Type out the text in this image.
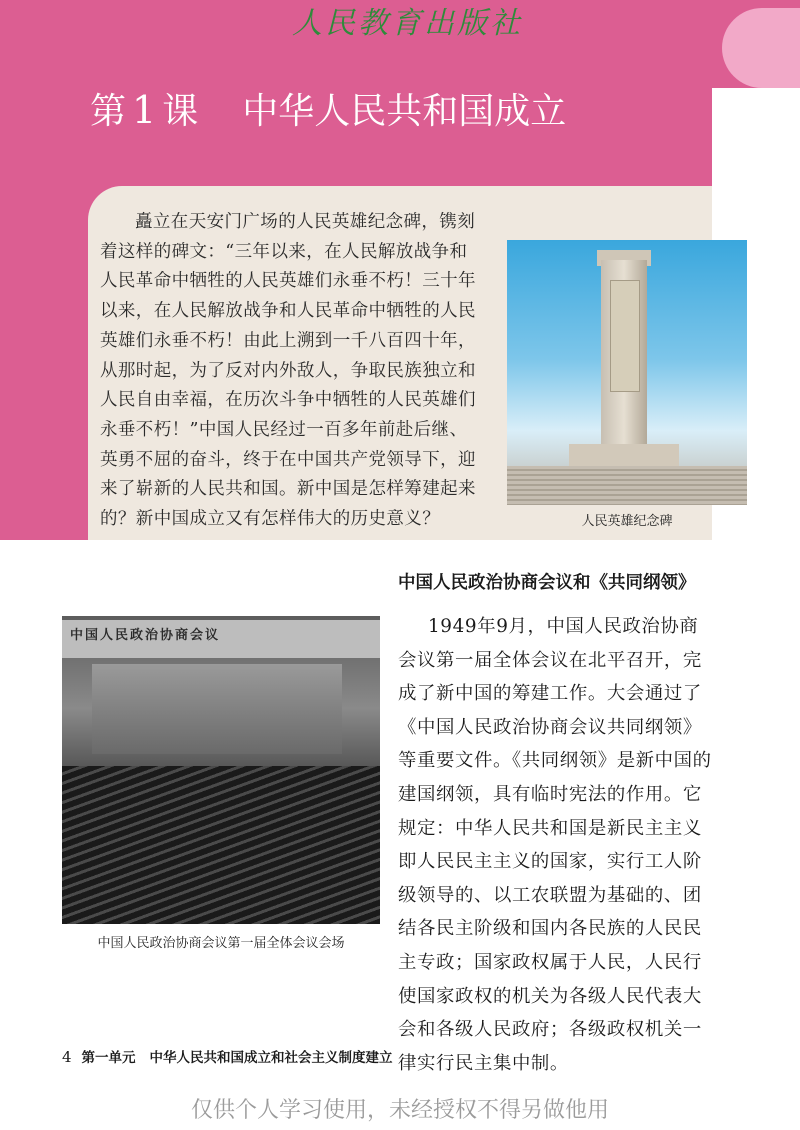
人民教育出版社
第 1 课 中华人民共和国成立
矗立在天安门广场的人民英雄纪念碑，镌刻着这样的碑文：“三年以来，在人民解放战争和人民革命中牺牲的人民英雄们永垂不朽！三十年以来，在人民解放战争和人民革命中牺牲的人民英雄们永垂不朽！由此上溯到一千八百四十年，从那时起，为了反对内外敌人，争取民族独立和人民自由幸福，在历次斗争中牺牲的人民英雄们永垂不朽！”中国人民经过一百多年前赴后继、英勇不屈的奋斗，终于在中国共产党领导下，迎来了崭新的人民共和国。新中国是怎样筹建起来的？新中国成立又有怎样伟大的历史意义？	人民英雄纪念碑
中国人民政治协商会议和《共同纲领》
1949年9月，中国人民政治协商会议第一届全体会议在北平召开，完成了新中国的筹建工作。大会通过了《中国人民政治协商会议共同纲领》等重要文件。《共同纲领》是新中国的建国纲领，具有临时宪法的作用。它规定：中华人民共和国是新民主主义即人民民主主义的国家，实行工人阶级领导的、以工农联盟为基础的、团结各民主阶级和国内各民族的人民民主专政；国家政权属于人民，人民行使国家政权的机关为各级人民代表大会和各级人民政府；各级政权机关一律实行民主集中制。
中国人民政治协商会议
中国人民政治协商会议第一届全体会议会场
4 第一单元 中华人民共和国成立和社会主义制度建立
仅供个人学习使用，未经授权不得另做他用
